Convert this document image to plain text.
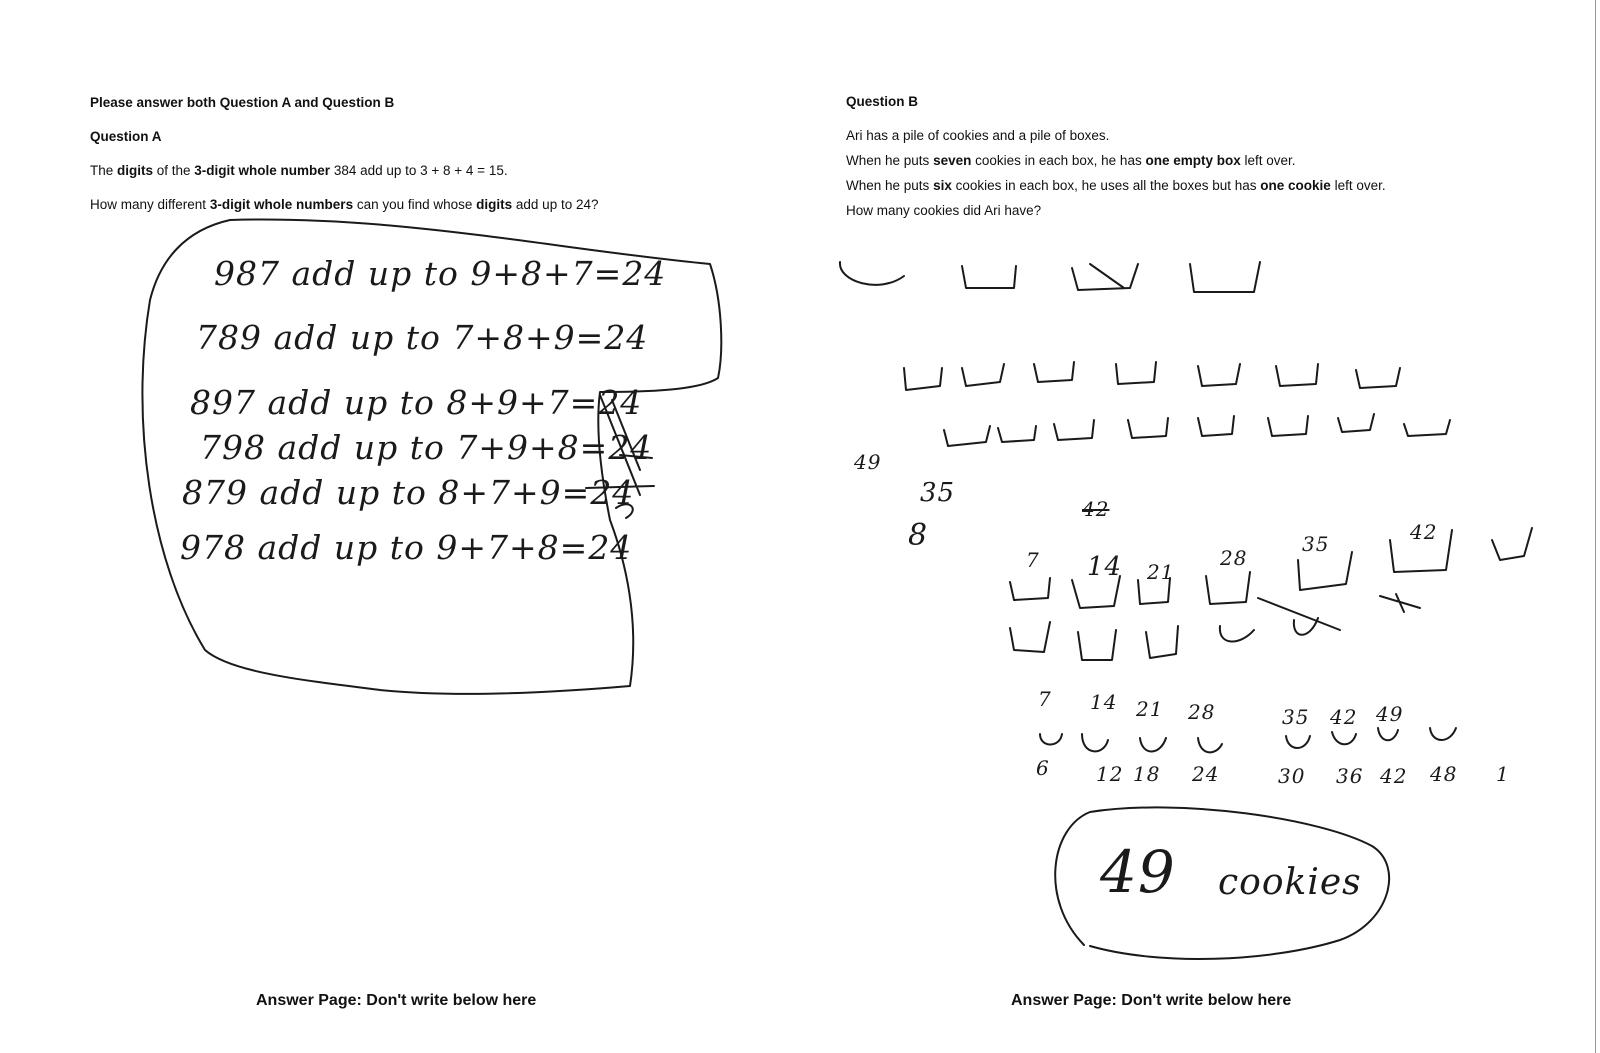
Please answer both Question A and Question B
Question A
The digits of the 3-digit whole number 384 add up to 3 + 8 + 4 = 15.
How many different 3-digit whole numbers can you find whose digits add up to 24?
987 add up to 9+8+7=24
789 add up to 7+8+9=24
897 add up to 8+9+7=24
798 add up to 7+9+8=24
879 add up to 8+7+9=24
978 add up to 9+7+8=24
Answer Page: Don't write below here
Question B
Ari has a pile of cookies and a pile of boxes.
When he puts seven cookies in each box, he has one empty box left over.
When he puts six cookies in each box, he uses all the boxes but has one cookie left over.
How many cookies did Ari have?
49
35
8
42
7 14 21
28
35	42
7 14 21 28	35 42 49
6 12 18 24	30 36 42 48 1
49 cookies
Answer Page: Don't write below here
